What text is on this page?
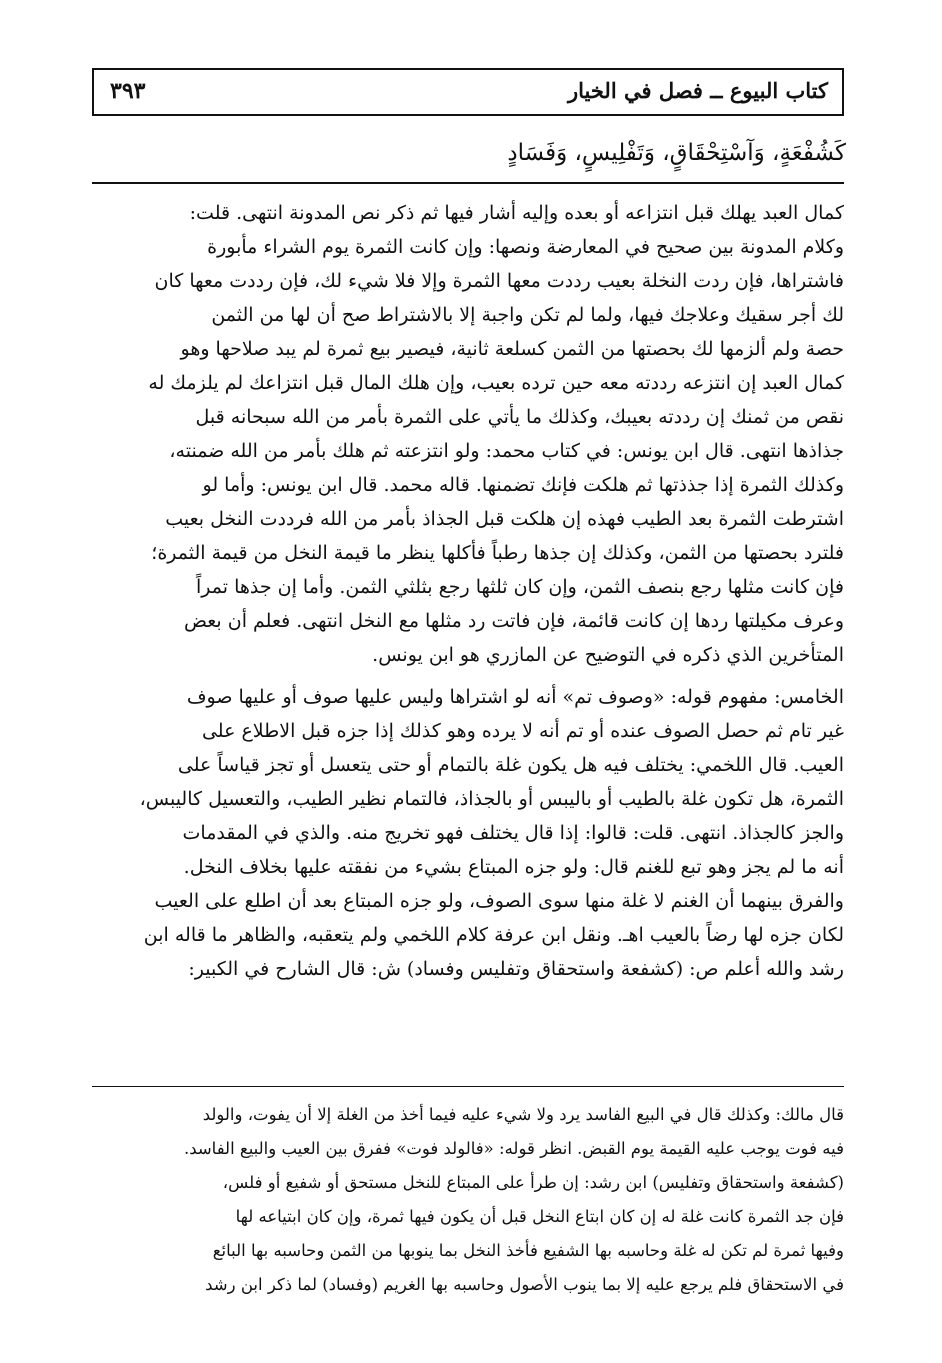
كتاب البيوع ــ فصل في الخيار
٣٩٣
كَشُفْعَةٍ، وَآسْتِحْقَاقٍ، وَتَفْلِيسٍ، وَفَسَادٍ
كمال العبد يهلك قبل انتزاعه أو بعده وإليه أشار فيها ثم ذكر نص المدونة انتهى. قلت:
وكلام المدونة بين صحيح في المعارضة ونصها: وإن كانت الثمرة يوم الشراء مأبورة
فاشتراها، فإن ردت النخلة بعيب رددت معها الثمرة وإلا فلا شيء لك، فإن رددت معها كان
لك أجر سقيك وعلاجك فيها، ولما لم تكن واجبة إلا بالاشتراط صح أن لها من الثمن
حصة ولم ألزمها لك بحصتها من الثمن كسلعة ثانية، فيصير بيع ثمرة لم يبد صلاحها وهو
كمال العبد إن انتزعه رددته معه حين ترده بعيب، وإن هلك المال قبل انتزاعك لم يلزمك له
نقص من ثمنك إن رددته بعيبك، وكذلك ما يأتي على الثمرة بأمر من الله سبحانه قبل
جذاذها انتهى. قال ابن يونس: في كتاب محمد: ولو انتزعته ثم هلك بأمر من الله ضمنته،
وكذلك الثمرة إذا جذذتها ثم هلكت فإنك تضمنها. قاله محمد. قال ابن يونس: وأما لو
اشترطت الثمرة بعد الطيب فهذه إن هلكت قبل الجذاذ بأمر من الله فرددت النخل بعيب
فلترد بحصتها من الثمن، وكذلك إن جذها رطباً فأكلها ينظر ما قيمة النخل من قيمة الثمرة؛
فإن كانت مثلها رجع بنصف الثمن، وإن كان ثلثها رجع بثلثي الثمن. وأما إن جذها تمراً
وعرف مكيلتها ردها إن كانت قائمة، فإن فاتت رد مثلها مع النخل انتهى. فعلم أن بعض
المتأخرين الذي ذكره في التوضيح عن المازري هو ابن يونس.
الخامس: مفهوم قوله: «وصوف تم» أنه لو اشتراها وليس عليها صوف أو عليها صوف
غير تام ثم حصل الصوف عنده أو تم أنه لا يرده وهو كذلك إذا جزه قبل الاطلاع على
العيب. قال اللخمي: يختلف فيه هل يكون غلة بالتمام أو حتى يتعسل أو تجز قياساً على
الثمرة، هل تكون غلة بالطيب أو باليبس أو بالجذاذ، فالتمام نظير الطيب، والتعسيل كاليبس،
والجز كالجذاذ. انتهى. قلت: قالوا: إذا قال يختلف فهو تخريج منه. والذي في المقدمات
أنه ما لم يجز وهو تبع للغنم قال: ولو جزه المبتاع بشيء من نفقته عليها بخلاف النخل.
والفرق بينهما أن الغنم لا غلة منها سوى الصوف، ولو جزه المبتاع بعد أن اطلع على العيب
لكان جزه لها رضاً بالعيب اهـ. ونقل ابن عرفة كلام اللخمي ولم يتعقبه، والظاهر ما قاله ابن
رشد والله أعلم ص: (كشفعة واستحقاق وتفليس وفساد) ش: قال الشارح في الكبير:
قال مالك: وكذلك قال في البيع الفاسد يرد ولا شيء عليه فيما أخذ من الغلة إلا أن يفوت، والولد
فيه فوت يوجب عليه القيمة يوم القبض. انظر قوله: «فالولد فوت» ففرق بين العيب والبيع الفاسد.
(كشفعة واستحقاق وتفليس) ابن رشد: إن طرأ على المبتاع للنخل مستحق أو شفيع أو فلس،
فإن جد الثمرة كانت غلة له إن كان ابتاع النخل قبل أن يكون فيها ثمرة، وإن كان ابتياعه لها
وفيها ثمرة لم تكن له غلة وحاسبه بها الشفيع فأخذ النخل بما ينوبها من الثمن وحاسبه بها البائع
في الاستحقاق فلم يرجع عليه إلا بما ينوب الأصول وحاسبه بها الغريم (وفساد) لما ذكر ابن رشد
